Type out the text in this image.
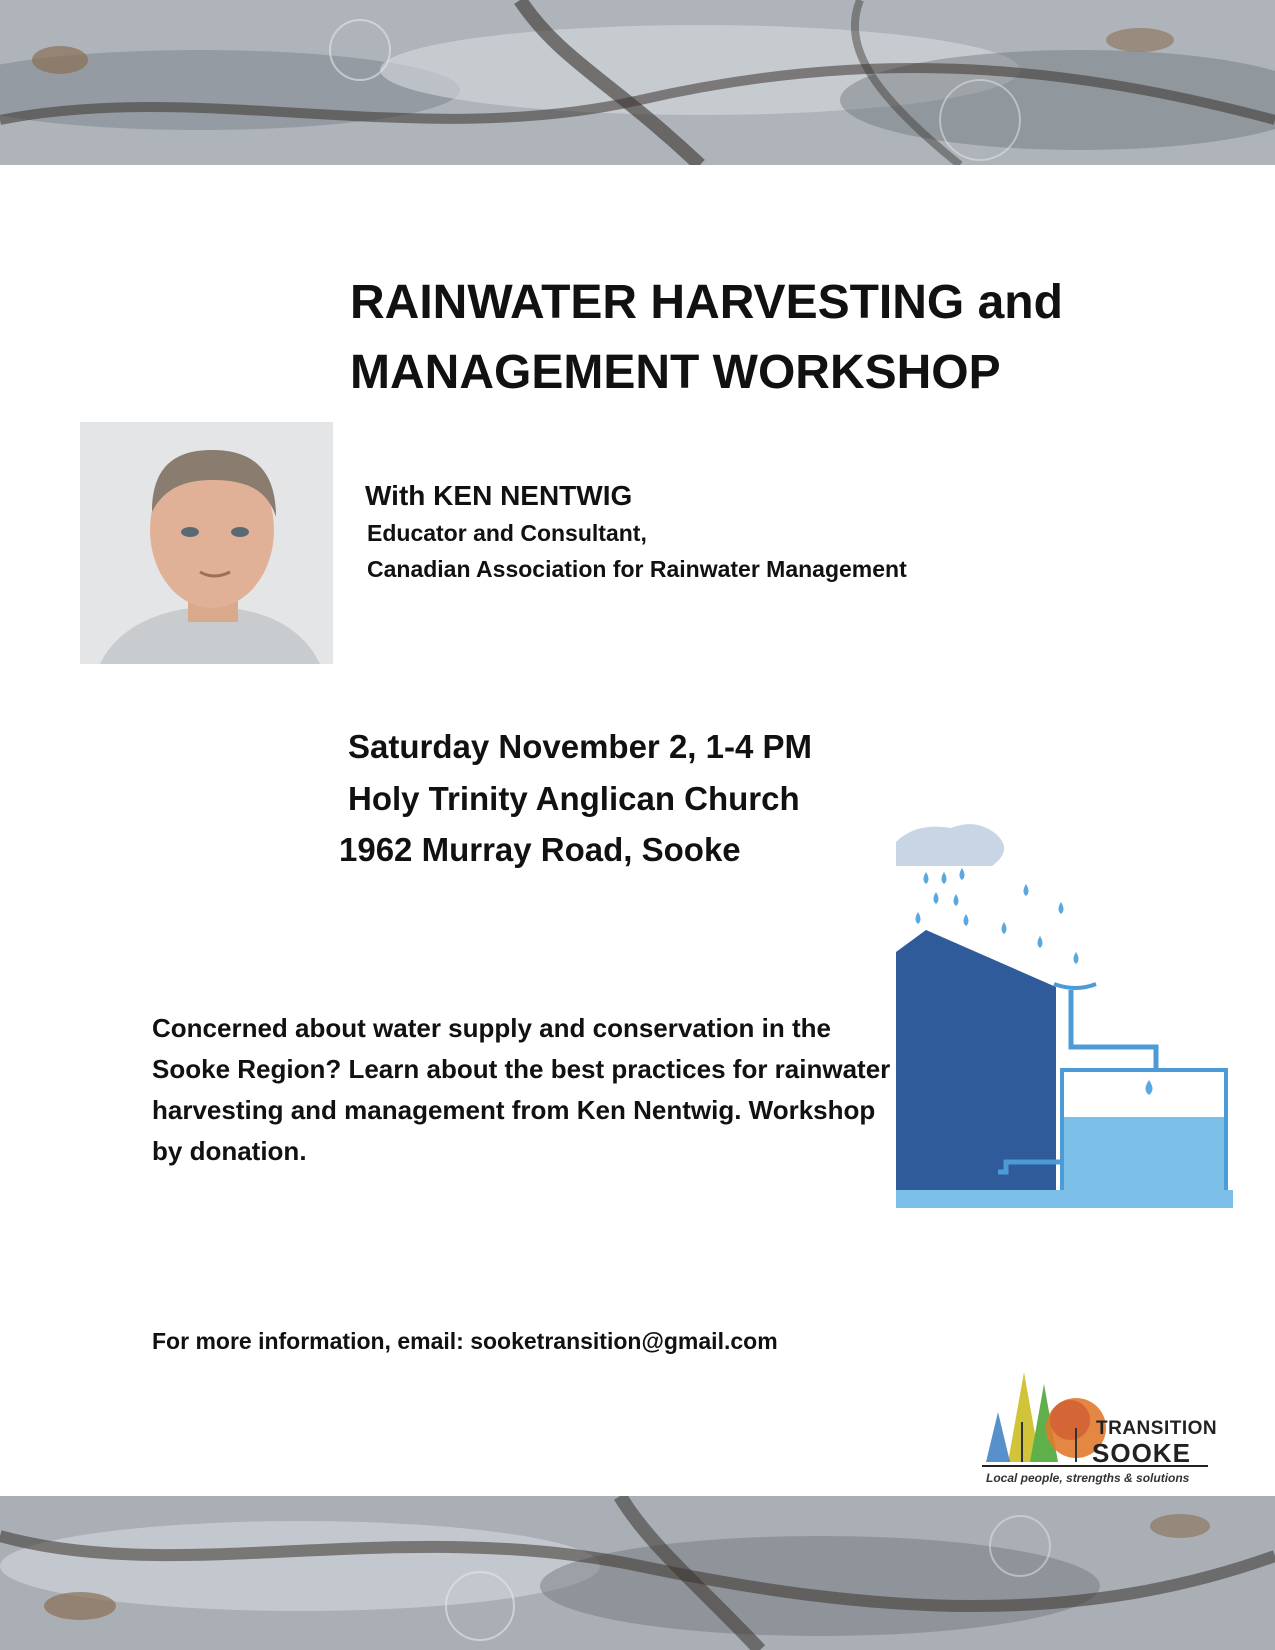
RAINWATER HARVESTING and
MANAGEMENT WORKSHOP
With KEN NENTWIG
Educator and Consultant,
Canadian Association for Rainwater Management
Saturday November 2, 1-4 PM
Holy Trinity Anglican Church
1962 Murray Road, Sooke
Concerned about water supply and conservation in the Sooke Region? Learn about the best practices for rainwater harvesting and management from Ken Nentwig. Workshop by donation.
For more information, email: sooketransition@gmail.com
TRANSITION
SOOKE
Local people, strengths & solutions
